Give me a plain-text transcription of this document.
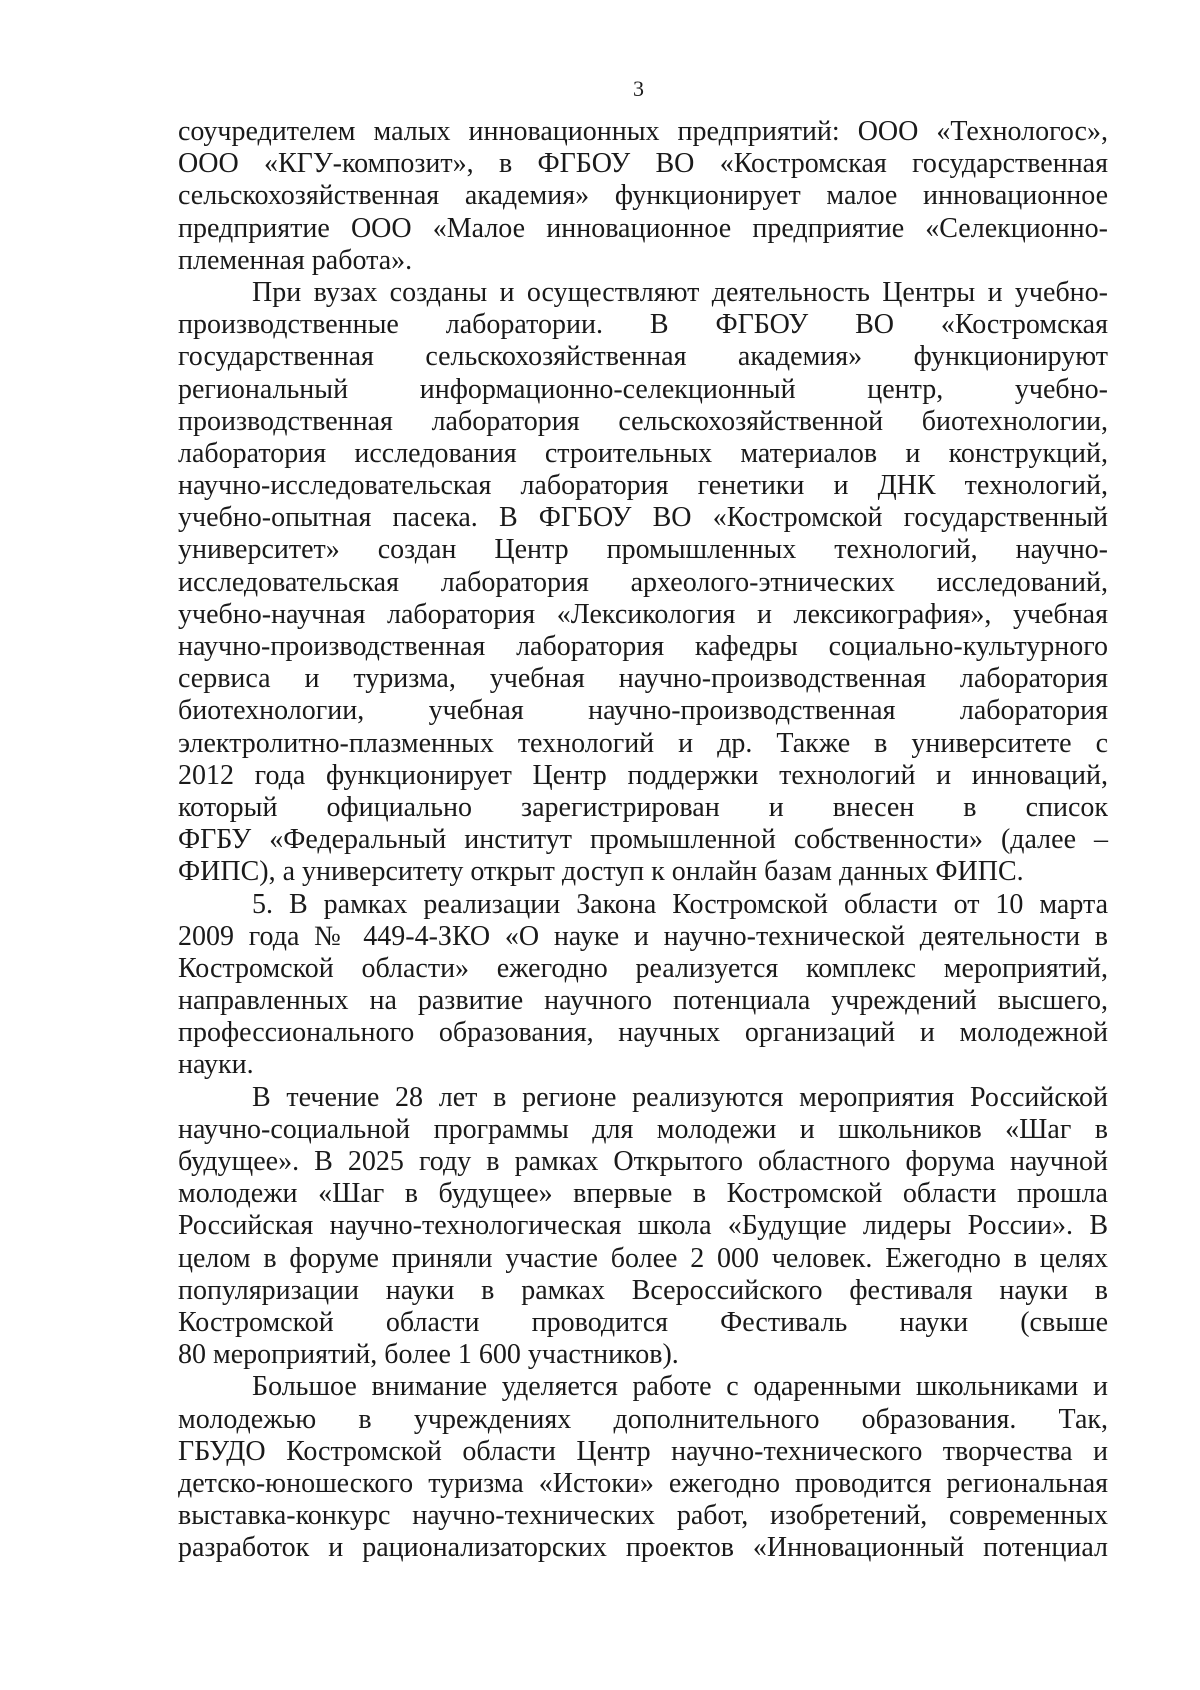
3
соучредителем малых инновационных предприятий: ООО «Технологос»,
ООО «КГУ-композит», в ФГБОУ ВО «Костромская государственная
сельскохозяйственная академия» функционирует малое инновационное
предприятие ООО «Малое инновационное предприятие «Селекционно-
племенная работа».
При вузах созданы и осуществляют деятельность Центры и учебно-
производственные лаборатории. В ФГБОУ ВО «Костромская
государственная сельскохозяйственная академия» функционируют
региональный информационно-селекционный центр, учебно-
производственная лаборатория сельскохозяйственной биотехнологии,
лаборатория исследования строительных материалов и конструкций,
научно-исследовательская лаборатория генетики и ДНК технологий,
учебно-опытная пасека. В ФГБОУ ВО «Костромской государственный
университет» создан Центр промышленных технологий, научно-
исследовательская лаборатория археолого-этнических исследований,
учебно-научная лаборатория «Лексикология и лексикография», учебная
научно-производственная лаборатория кафедры социально-культурного
сервиса и туризма, учебная научно-производственная лаборатория
биотехнологии, учебная научно-производственная лаборатория
электролитно-плазменных технологий и др. Также в университете с
2012 года функционирует Центр поддержки технологий и инноваций,
который официально зарегистрирован и внесен в список
ФГБУ «Федеральный институт промышленной собственности» (далее –
ФИПС), а университету открыт доступ к онлайн базам данных ФИПС.
5. В рамках реализации Закона Костромской области от 10 марта
2009 года № 449-4-ЗКО «О науке и научно-технической деятельности в
Костромской области» ежегодно реализуется комплекс мероприятий,
направленных на развитие научного потенциала учреждений высшего,
профессионального образования, научных организаций и молодежной
науки.
В течение 28 лет в регионе реализуются мероприятия Российской
научно-социальной программы для молодежи и школьников «Шаг в
будущее». В 2025 году в рамках Открытого областного форума научной
молодежи «Шаг в будущее» впервые в Костромской области прошла
Российская научно-технологическая школа «Будущие лидеры России». В
целом в форуме приняли участие более 2 000 человек. Ежегодно в целях
популяризации науки в рамках Всероссийского фестиваля науки в
Костромской области проводится Фестиваль науки (свыше
80 мероприятий, более 1 600 участников).
Большое внимание уделяется работе с одаренными школьниками и
молодежью в учреждениях дополнительного образования. Так,
ГБУДО Костромской области Центр научно-технического творчества и
детско-юношеского туризма «Истоки» ежегодно проводится региональная
выставка-конкурс научно-технических работ, изобретений, современных
разработок и рационализаторских проектов «Инновационный потенциал
